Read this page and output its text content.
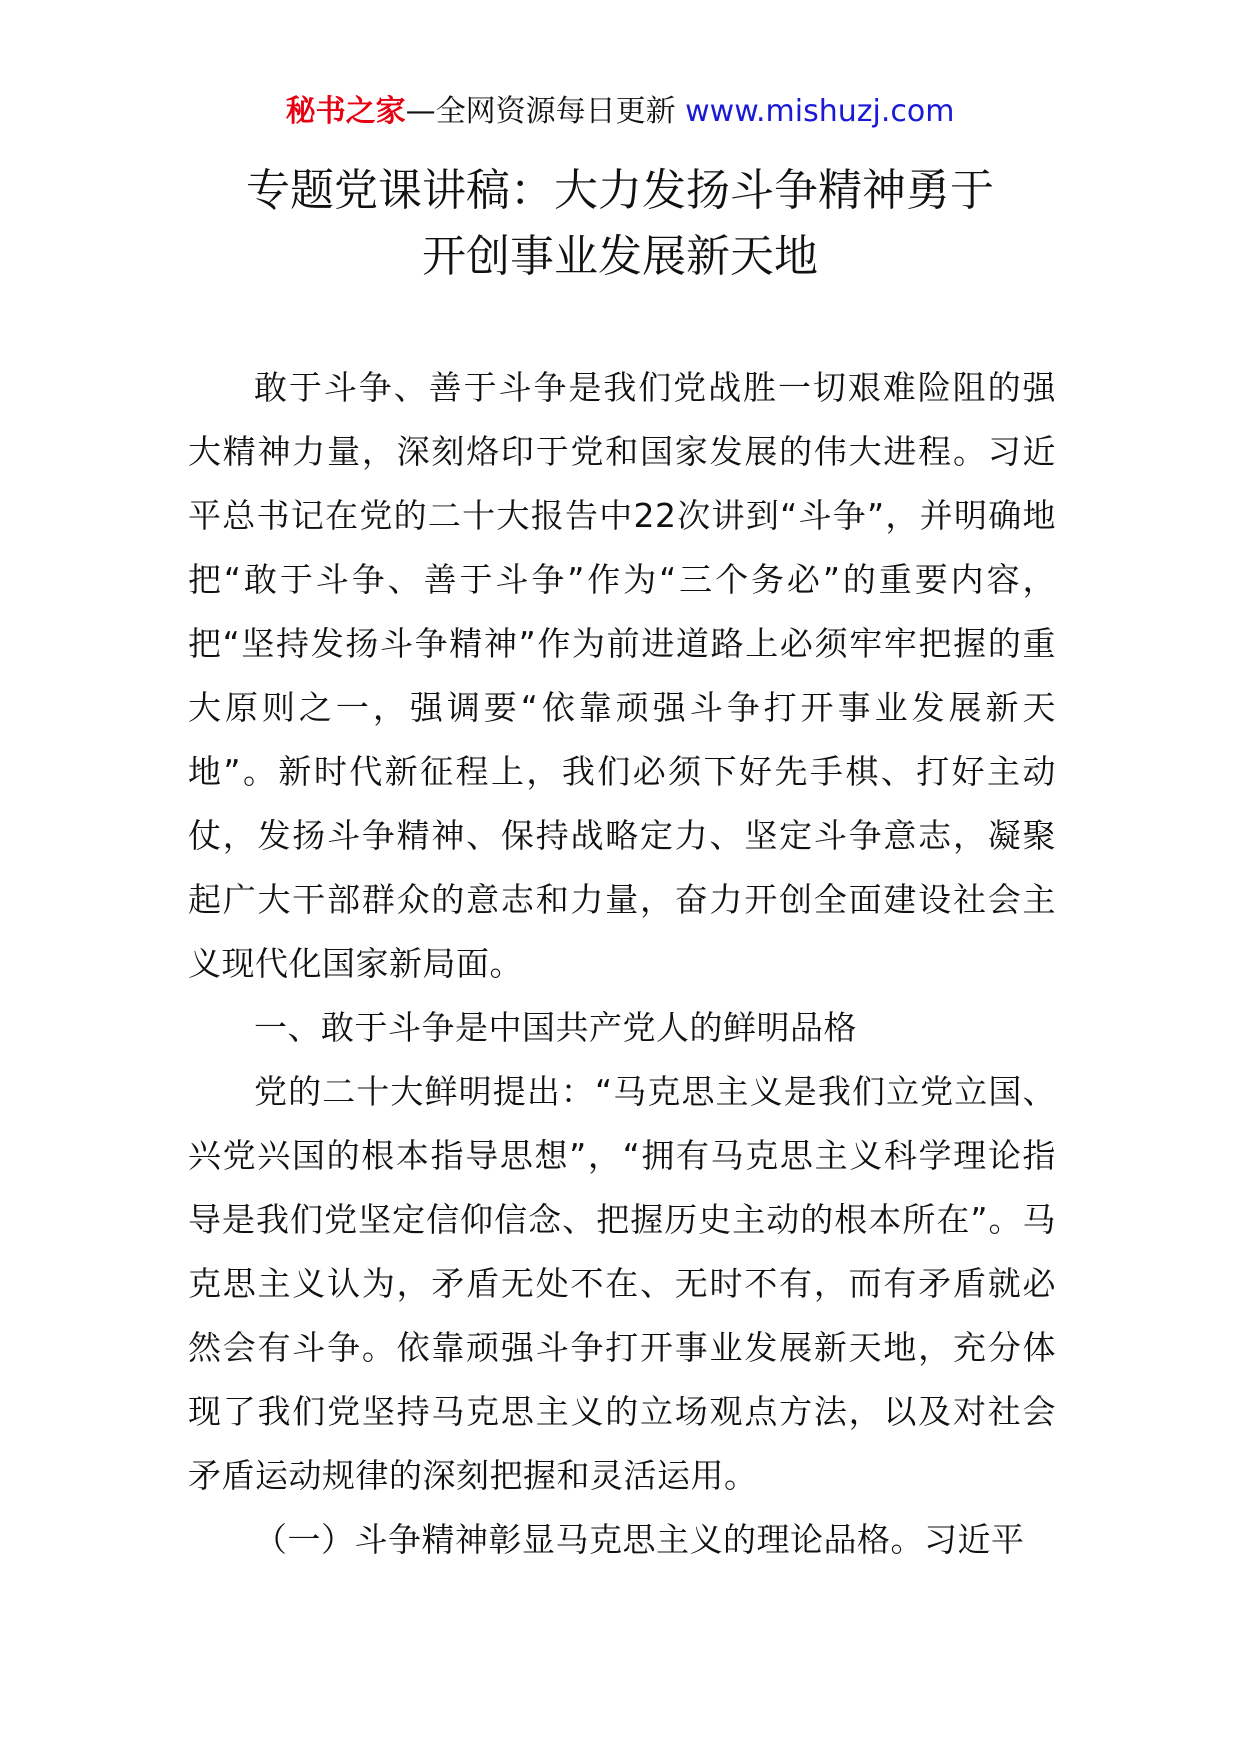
秘书之家—全网资源每日更新 www.mishuzj.com
专题党课讲稿：大力发扬斗争精神勇于
开创事业发展新天地

敢于斗争、善于斗争是我们党战胜一切艰难险阻的强大精神力量，深刻烙印于党和国家发展的伟大进程。习近平总书记在党的二十大报告中22次讲到“斗争”，并明确地把“敢于斗争、善于斗争”作为“三个务必”的重要内容，把“坚持发扬斗争精神”作为前进道路上必须牢牢把握的重大原则之一，强调要“依靠顽强斗争打开事业发展新天地”。新时代新征程上，我们必须下好先手棋、打好主动仗，发扬斗争精神、保持战略定力、坚定斗争意志，凝聚起广大干部群众的意志和力量，奋力开创全面建设社会主义现代化国家新局面。

一、敢于斗争是中国共产党人的鲜明品格

党的二十大鲜明提出：“马克思主义是我们立党立国、兴党兴国的根本指导思想”，“拥有马克思主义科学理论指导是我们党坚定信仰信念、把握历史主动的根本所在”。马克思主义认为，矛盾无处不在、无时不有，而有矛盾就必然会有斗争。依靠顽强斗争打开事业发展新天地，充分体现了我们党坚持马克思主义的立场观点方法，以及对社会矛盾运动规律的深刻把握和灵活运用。

（一）斗争精神彰显马克思主义的理论品格。习近平
